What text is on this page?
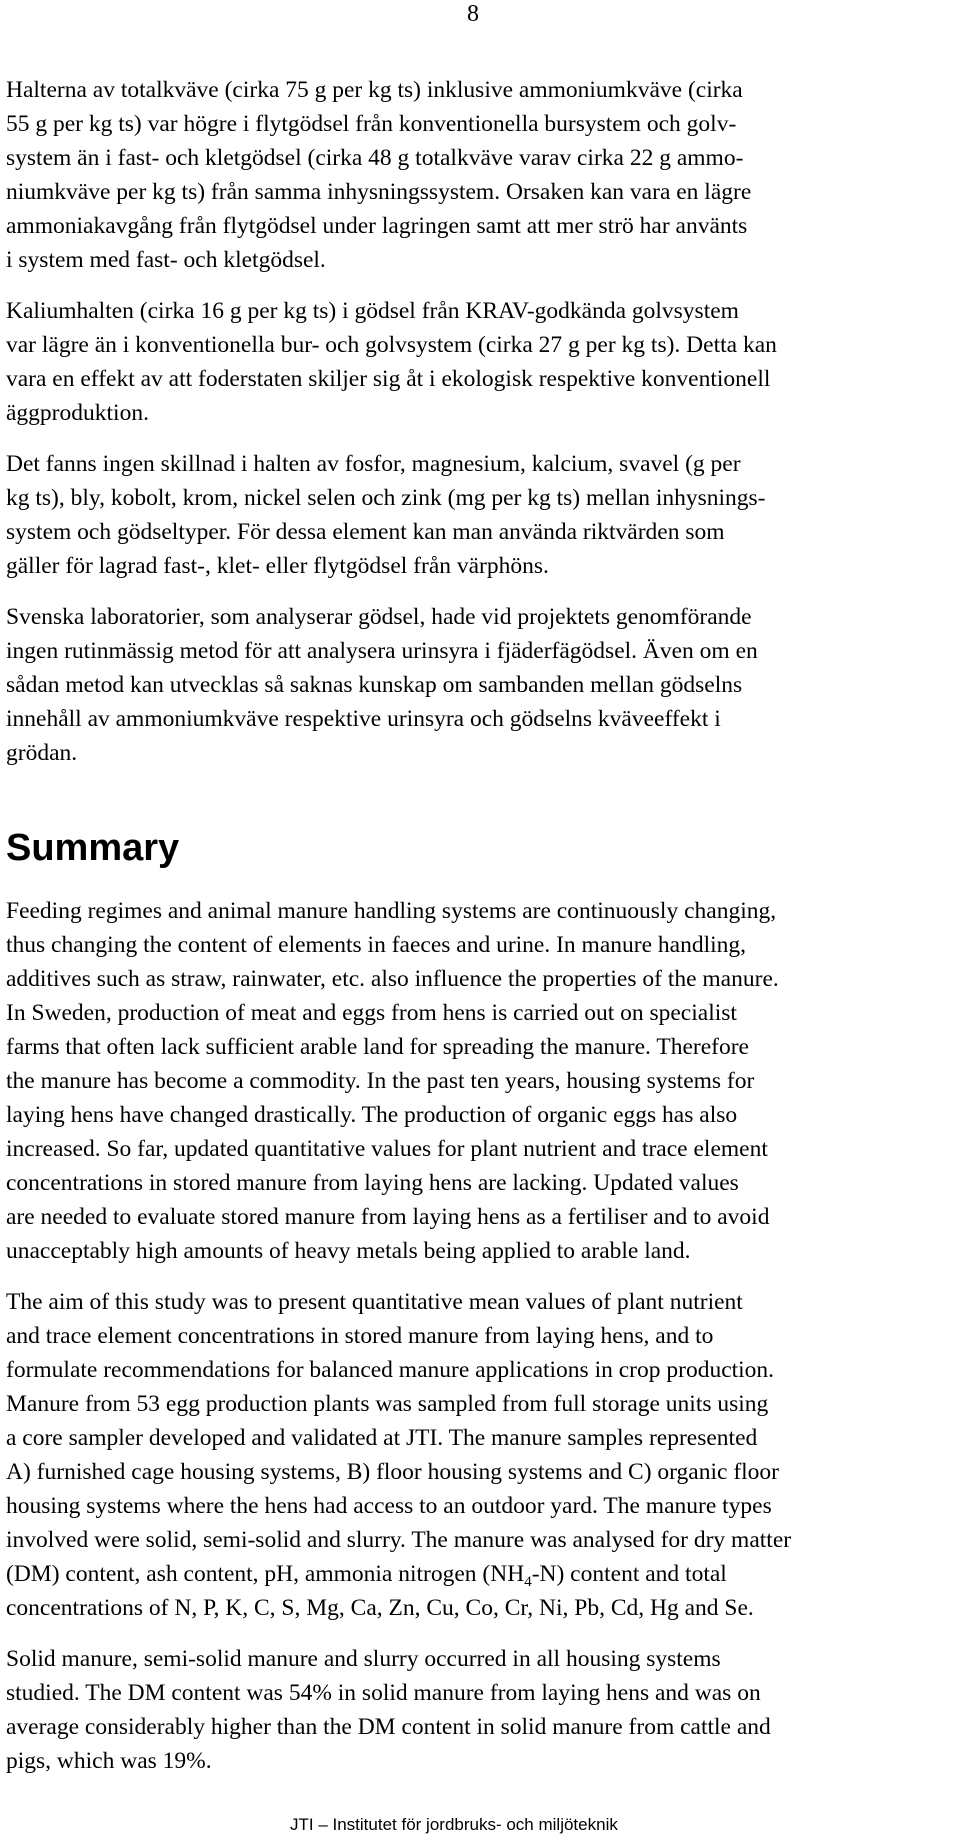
8

Halterna av totalkväve (cirka 75 g per kg ts) inklusive ammoniumkväve (cirka
55 g per kg ts) var högre i flytgödsel från konventionella bursystem och golv-
system än i fast- och kletgödsel (cirka 48 g totalkväve varav cirka 22 g ammo-
niumkväve per kg ts) från samma inhysningssystem. Orsaken kan vara en lägre
ammoniakavgång från flytgödsel under lagringen samt att mer strö har använts
i system med fast- och kletgödsel.

Kaliumhalten (cirka 16 g per kg ts) i gödsel från KRAV-godkända golvsystem
var lägre än i konventionella bur- och golvsystem (cirka 27 g per kg ts). Detta kan
vara en effekt av att foderstaten skiljer sig åt i ekologisk respektive konventionell
äggproduktion.

Det fanns ingen skillnad i halten av fosfor, magnesium, kalcium, svavel (g per
kg ts), bly, kobolt, krom, nickel selen och zink (mg per kg ts) mellan inhysnings-
system och gödseltyper. För dessa element kan man använda riktvärden som
gäller för lagrad fast-, klet- eller flytgödsel från värphöns.

Svenska laboratorier, som analyserar gödsel, hade vid projektets genomförande
ingen rutinmässig metod för att analysera urinsyra i fjäderfägödsel. Även om en
sådan metod kan utvecklas så saknas kunskap om sambanden mellan gödselns
innehåll av ammoniumkväve respektive urinsyra och gödselns kväveeffekt i
grödan.

Summary

Feeding regimes and animal manure handling systems are continuously changing,
thus changing the content of elements in faeces and urine. In manure handling,
additives such as straw, rainwater, etc. also influence the properties of the manure.
In Sweden, production of meat and eggs from hens is carried out on specialist
farms that often lack sufficient arable land for spreading the manure. Therefore
the manure has become a commodity. In the past ten years, housing systems for
laying hens have changed drastically. The production of organic eggs has also
increased. So far, updated quantitative values for plant nutrient and trace element
concentrations in stored manure from laying hens are lacking. Updated values
are needed to evaluate stored manure from laying hens as a fertiliser and to avoid
unacceptably high amounts of heavy metals being applied to arable land.

The aim of this study was to present quantitative mean values of plant nutrient
and trace element concentrations in stored manure from laying hens, and to
formulate recommendations for balanced manure applications in crop production.
Manure from 53 egg production plants was sampled from full storage units using
a core sampler developed and validated at JTI. The manure samples represented
A) furnished cage housing systems, B) floor housing systems and C) organic floor
housing systems where the hens had access to an outdoor yard. The manure types
involved were solid, semi-solid and slurry. The manure was analysed for dry matter
(DM) content, ash content, pH, ammonia nitrogen $(NH_4-N)$ content and total
concentrations of N, P, K, C, S, Mg, Ca, Zn, Cu, Co, Cr, Ni, Pb, Cd, Hg and Se.

Solid manure, semi-solid manure and slurry occurred in all housing systems
studied. The DM content was 54% in solid manure from laying hens and was on
average considerably higher than the DM content in solid manure from cattle and
pigs, which was 19%.

JTI – Institutet för jordbruks- och miljöteknik
